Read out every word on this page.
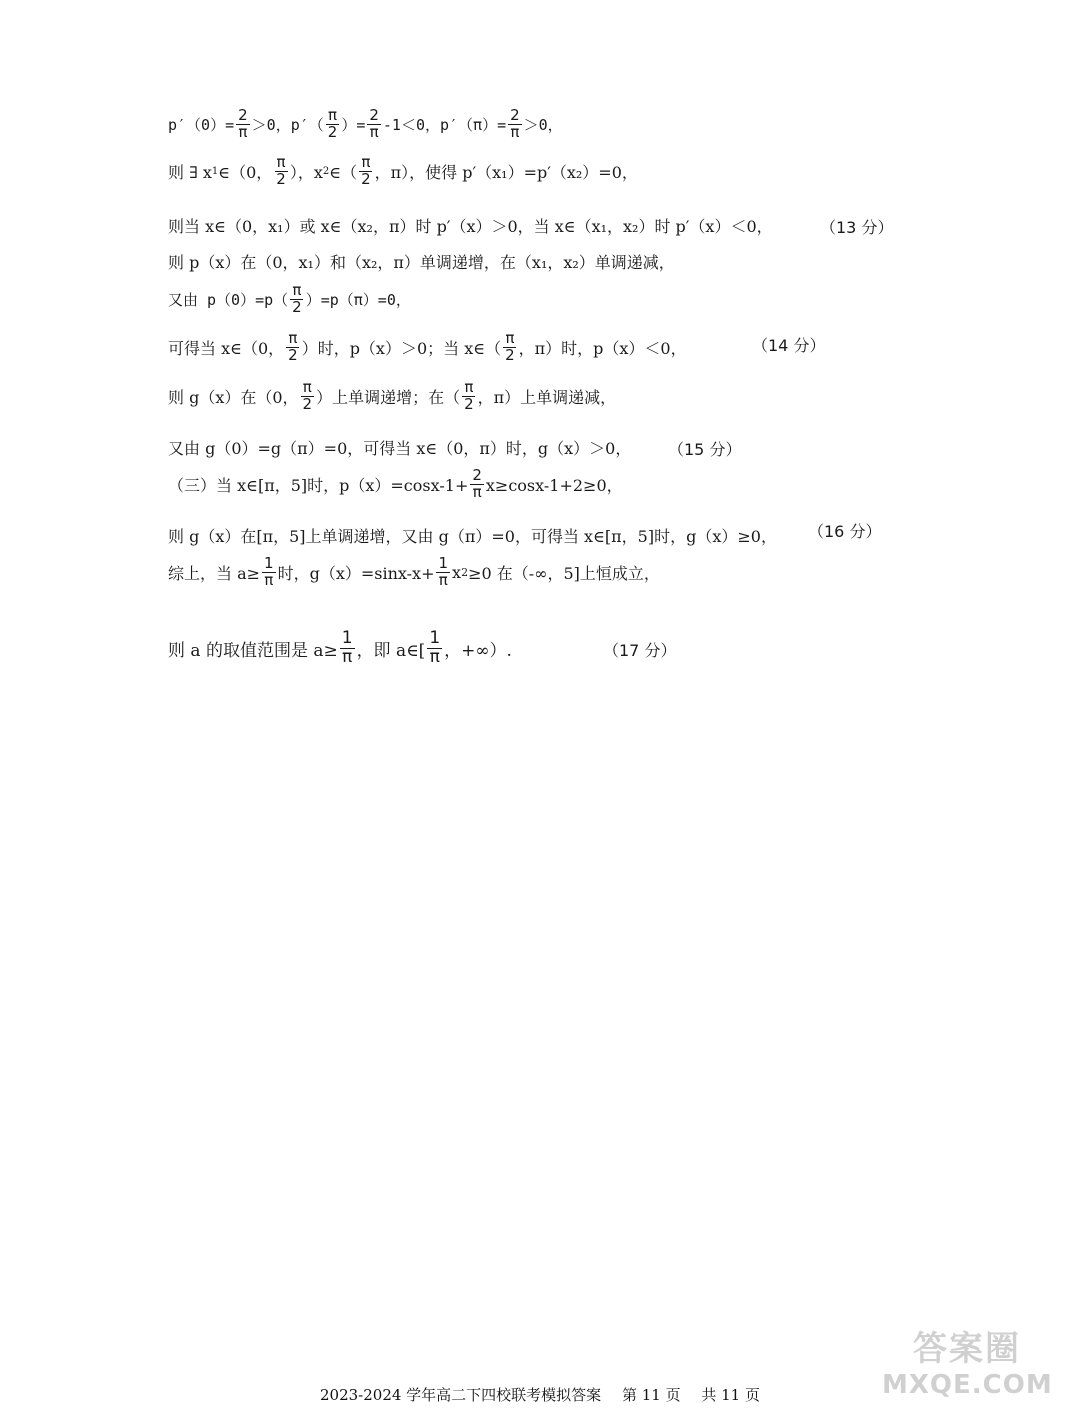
$p'(0)= \frac{2}{\pi} >0$，$p'( \frac{\pi}{2}$ ）= $\frac{2}{\pi} -1<0$，$p'(\pi)= \frac{2}{\pi} >0$，
则 ∃ x 1 ∈（0， $\frac{\pi}{2}$ ），x 2 ∈（ $\frac{\pi}{2}$ ，π），使得 p′（x₁）=p′（x₂）=0，
则当 x∈（0，x₁）或 x∈（x₂，π）时 p′（x）＞0，当 x∈（x₁，x₂）时 p′（x）＜0，	（13 分）
则 p（x）在（0，x₁）和（x₂，π）单调递增，在（x₁，x₂）单调递减，
又由 $p(0)=p( \frac{\pi}{2} )=p(\pi)=0$，
可得当 x∈（0， $\frac{\pi}{2}$ ）时，p（x）＞0；当 x∈（ $\frac{\pi}{2}$ ，π）时，p（x）＜0，	（14 分）
则 g（x）在（0， $\frac{\pi}{2}$ ）上单调递增；在（ $\frac{\pi}{2}$ ，π）上单调递减，
又由 g（0）=g（π）=0，可得当 x∈（0，π）时，g（x）＞0， （15 分）
（三）当 x∈[π，5]时，$p(x)=\cos x-1+ \frac{2}{\pi} x\ge\cos x-1+2\ge 0$，
则 g（x）在[π，5]上单调递增，又由 g（π）=0，可得当 x∈[π，5]时，g（x）≥0， （16 分）
综上，当 $a\ge \frac{1}{\pi}$ 时，$g(x)=\sin x-x+ \frac{1}{\pi}$ x 2 ≥0 在（-∞，5]上恒成立，
则 a 的取值范围是 $a\ge \frac{1}{\pi}$ ，即 a∈[ $\frac{1}{\pi}$ ，+∞）.	（17 分）
2023-2024 学年高二下四校联考模拟答案 第 11 页 共 11 页
答案圈
MXQE.COM
